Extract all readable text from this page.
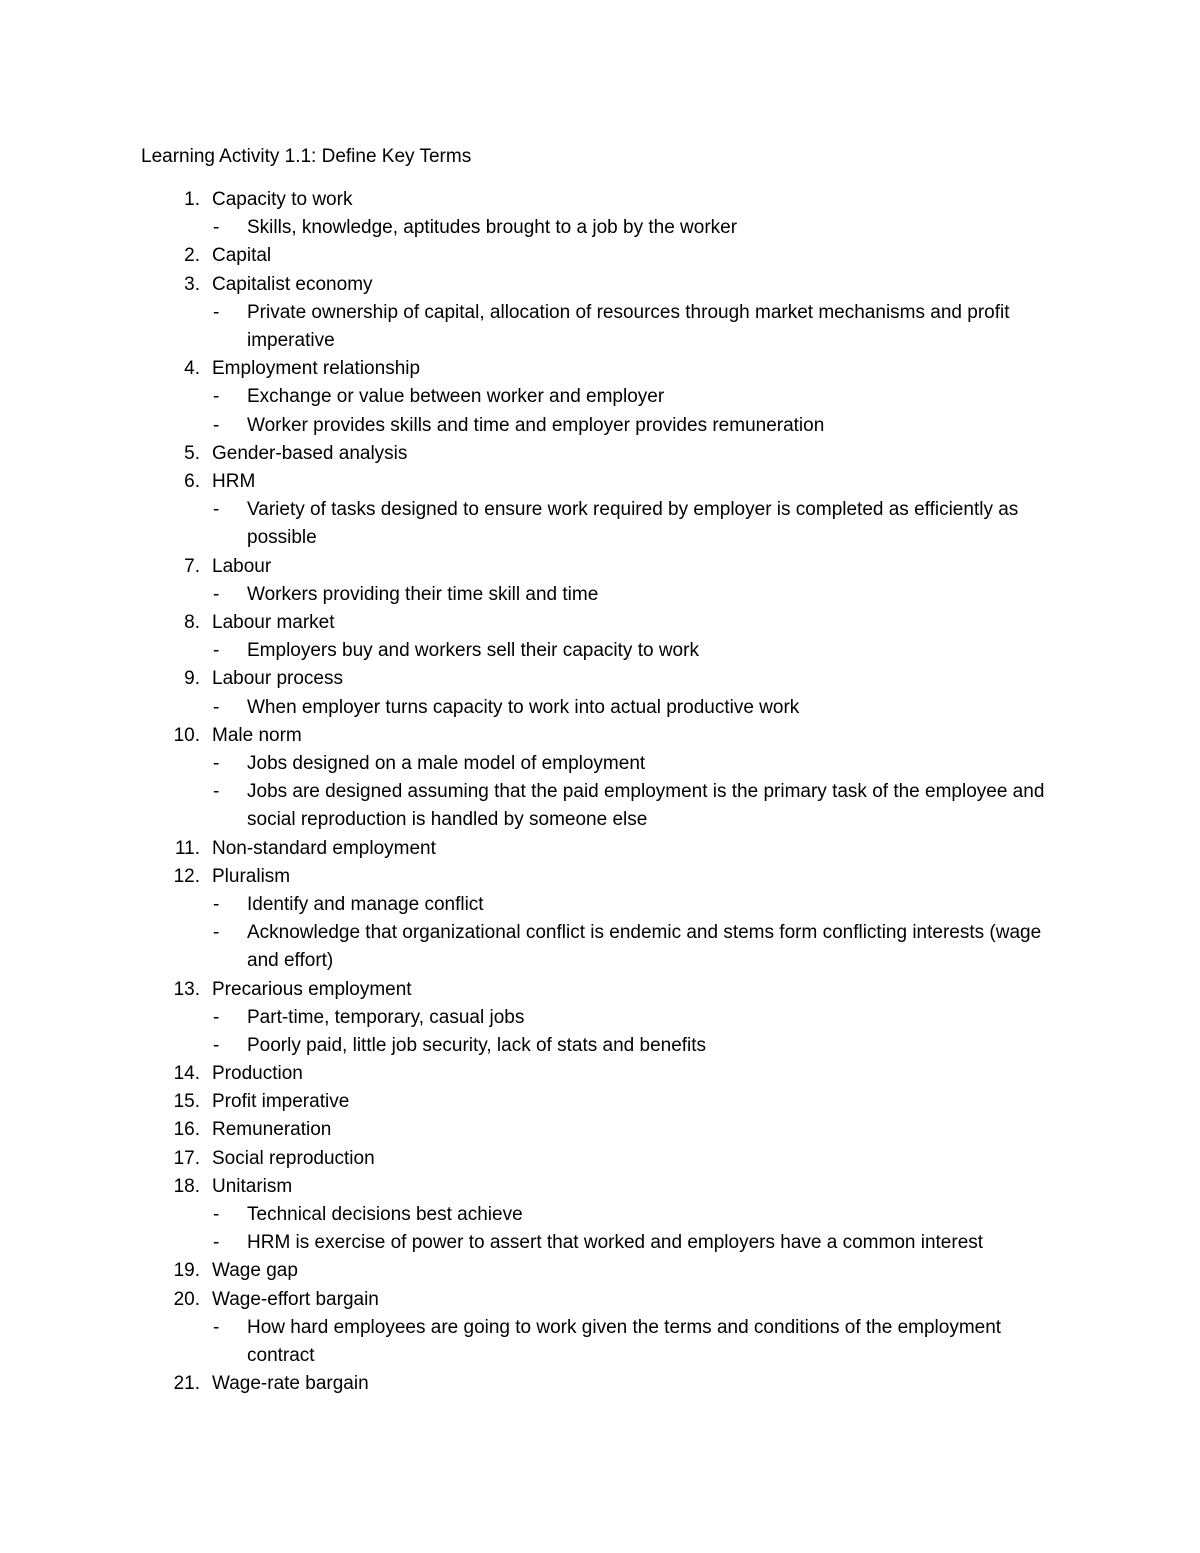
Learning Activity 1.1: Define Key Terms
1. Capacity to work
- Skills, knowledge, aptitudes brought to a job by the worker
2. Capital
3. Capitalist economy
- Private ownership of capital, allocation of resources through market mechanisms and profit imperative
4. Employment relationship
- Exchange or value between worker and employer
- Worker provides skills and time and employer provides remuneration
5. Gender-based analysis
6. HRM
- Variety of tasks designed to ensure work required by employer is completed as efficiently as possible
7. Labour
- Workers providing their time skill and time
8. Labour market
- Employers buy and workers sell their capacity to work
9. Labour process
- When employer turns capacity to work into actual productive work
10. Male norm
- Jobs designed on a male model of employment
- Jobs are designed assuming that the paid employment is the primary task of the employee and social reproduction is handled by someone else
11. Non-standard employment
12. Pluralism
- Identify and manage conflict
- Acknowledge that organizational conflict is endemic and stems form conflicting interests (wage and effort)
13. Precarious employment
- Part-time, temporary, casual jobs
- Poorly paid, little job security, lack of stats and benefits
14. Production
15. Profit imperative
16. Remuneration
17. Social reproduction
18. Unitarism
- Technical decisions best achieve
- HRM is exercise of power to assert that worked and employers have a common interest
19. Wage gap
20. Wage-effort bargain
- How hard employees are going to work given the terms and conditions of the employment contract
21. Wage-rate bargain
